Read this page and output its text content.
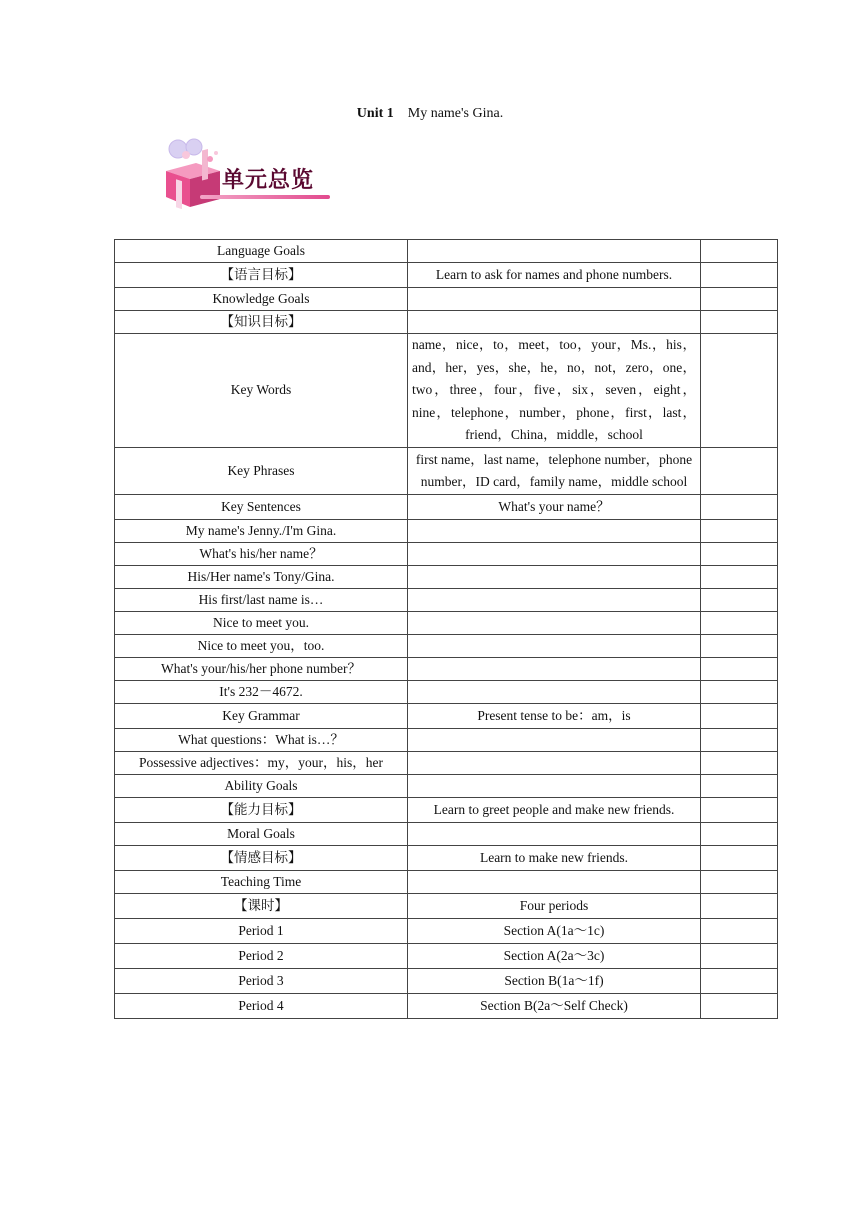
Unit 1 My name's Gina.
单元总览
Language Goals		
【语言目标】	Learn to ask for names and phone numbers.	
Knowledge Goals		
【知识目标】		
Key Words	name，nice，to，meet，too，your，Ms.，his，and，her，yes，she，he，no，not，zero，one，two，three，four，five，six，seven，eight，nine，telephone，number，phone，first，last，friend，China，middle，school	
Key Phrases	first name，last name，telephone number，phone number，ID card，family name，middle school	
Key Sentences	What's your name？	
My name's Jenny./I'm Gina.		
What's his/her name？		
His/Her name's Tony/Gina.		
His first/last name is…		
Nice to meet you.		
Nice to meet you，too.		
What's your/his/her phone number？		
It's 232－4672.		
Key Grammar	Present tense to be：am，is	
What questions：What is…？		
Possessive adjectives：my，your，his，her		
Ability Goals		
【能力目标】	Learn to greet people and make new friends.	
Moral Goals		
【情感目标】	Learn to make new friends.	
Teaching Time		
【课时】	Four periods	
Period 1	Section A(1a～1c)	
Period 2	Section A(2a～3c)	
Period 3	Section B(1a～1f)	
Period 4	Section B(2a～Self Check)	
